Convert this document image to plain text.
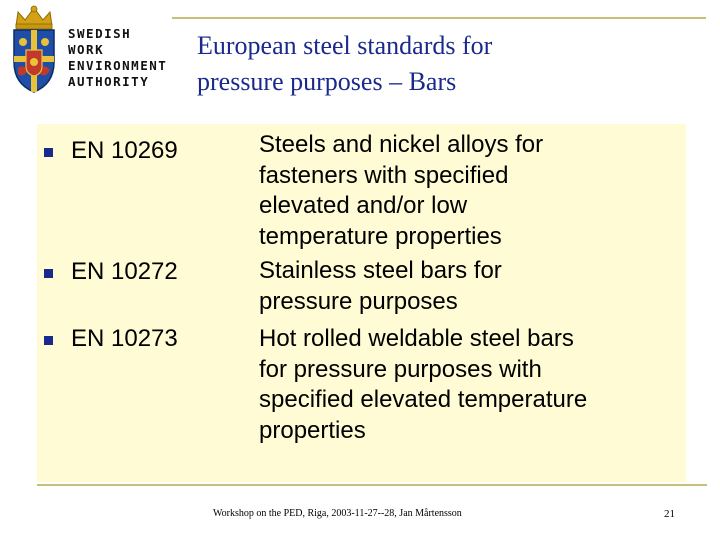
SWEDISH
WORK
ENVIRONMENT
AUTHORITY
European steel standards for
pressure purposes – Bars
EN 10269	Steels and nickel alloys for
fasteners with specified
elevated and/or low
temperature properties
EN 10272	Stainless steel bars for
pressure purposes
EN 10273	Hot rolled weldable steel bars
for pressure purposes with
specified elevated temperature
properties
Workshop on the PED, Riga, 2003-11-27--28, Jan Mårtensson	21
